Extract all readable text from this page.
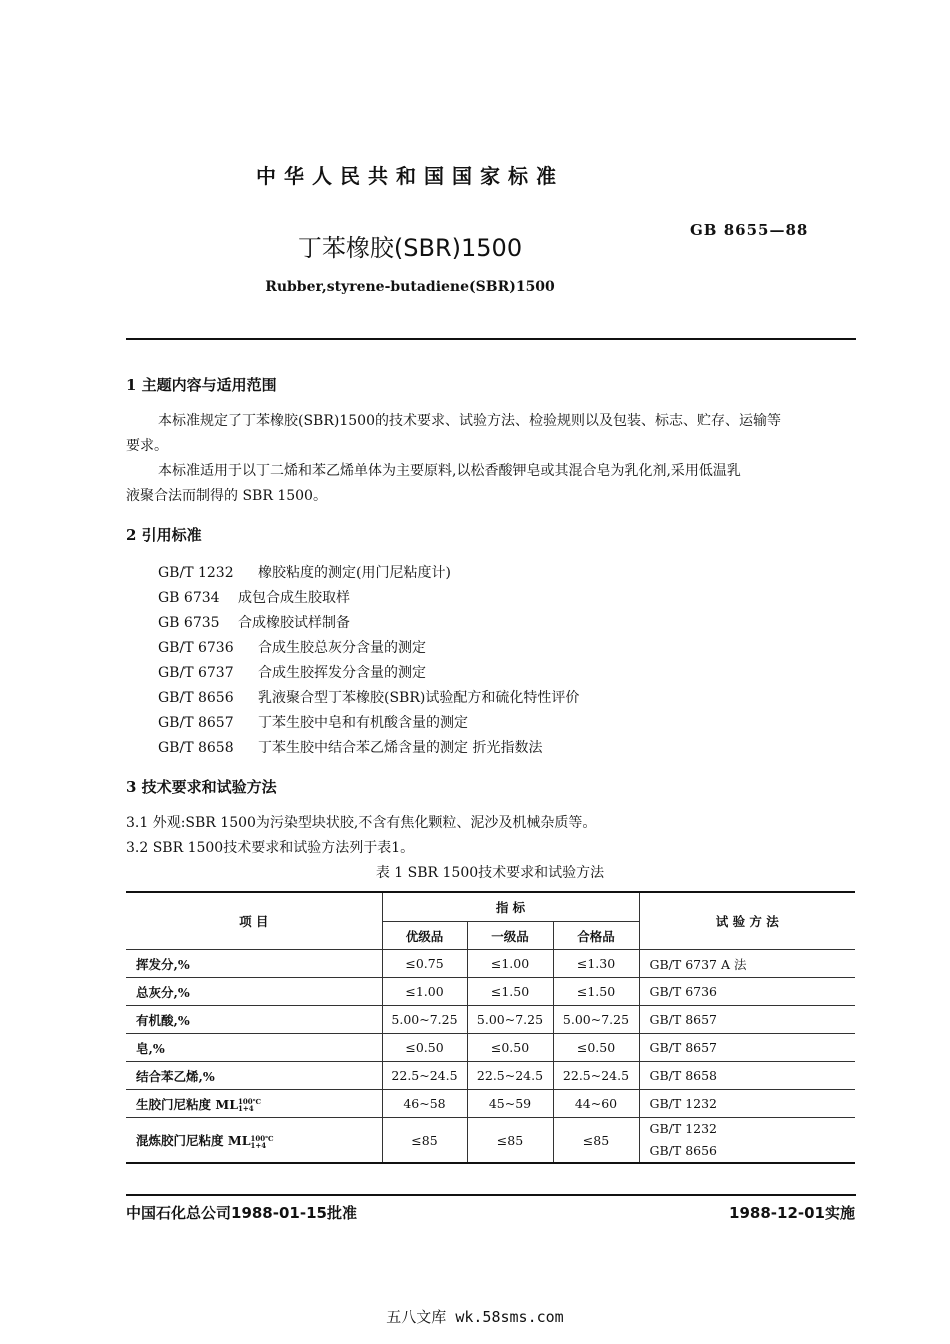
中华人民共和国国家标准
丁苯橡胶(SBR)1500
GB 8655—88
Rubber,styrene-butadiene(SBR)1500
1 主题内容与适用范围
本标准规定了丁苯橡胶(SBR)1500的技术要求、试验方法、检验规则以及包装、标志、贮存、运输等
要求。
本标准适用于以丁二烯和苯乙烯单体为主要原料,以松香酸钾皂或其混合皂为乳化剂,采用低温乳
液聚合法而制得的 SBR 1500。
2 引用标准
GB/T 1232 橡胶粘度的测定(用门尼粘度计)
GB 6734 成包合成生胶取样
GB 6735 合成橡胶试样制备
GB/T 6736 合成生胶总灰分含量的测定
GB/T 6737 合成生胶挥发分含量的测定
GB/T 8656 乳液聚合型丁苯橡胶(SBR)试验配方和硫化特性评价
GB/T 8657 丁苯生胶中皂和有机酸含量的测定
GB/T 8658 丁苯生胶中结合苯乙烯含量的测定 折光指数法
3 技术要求和试验方法
3.1 外观:SBR 1500为污染型块状胶,不含有焦化颗粒、泥沙及机械杂质等。
3.2 SBR 1500技术要求和试验方法列于表1。
表 1 SBR 1500技术要求和试验方法
项 目	指 标			试 验 方 法
	优级品	一级品	合格品	
挥发分,%	≤0.75	≤1.00	≤1.30	GB/T 6737 A 法
总灰分,%	≤1.00	≤1.50	≤1.50	GB/T 6736
有机酸,%	5.00~7.25	5.00~7.25	5.00~7.25	GB/T 8657
皂,%	≤0.50	≤0.50	≤0.50	GB/T 8657
结合苯乙烯,%	22.5~24.5	22.5~24.5	22.5~24.5	GB/T 8658
生胶门尼粘度 ML100℃
1+4	46~58	45~59	44~60	GB/T 1232
混炼胶门尼粘度 ML100℃
1+4	≤85	≤85	≤85	GB/T 1232
GB/T 8656
中国石化总公司1988-01-15批准	1988-12-01实施
五八文库 wk.58sms.com
